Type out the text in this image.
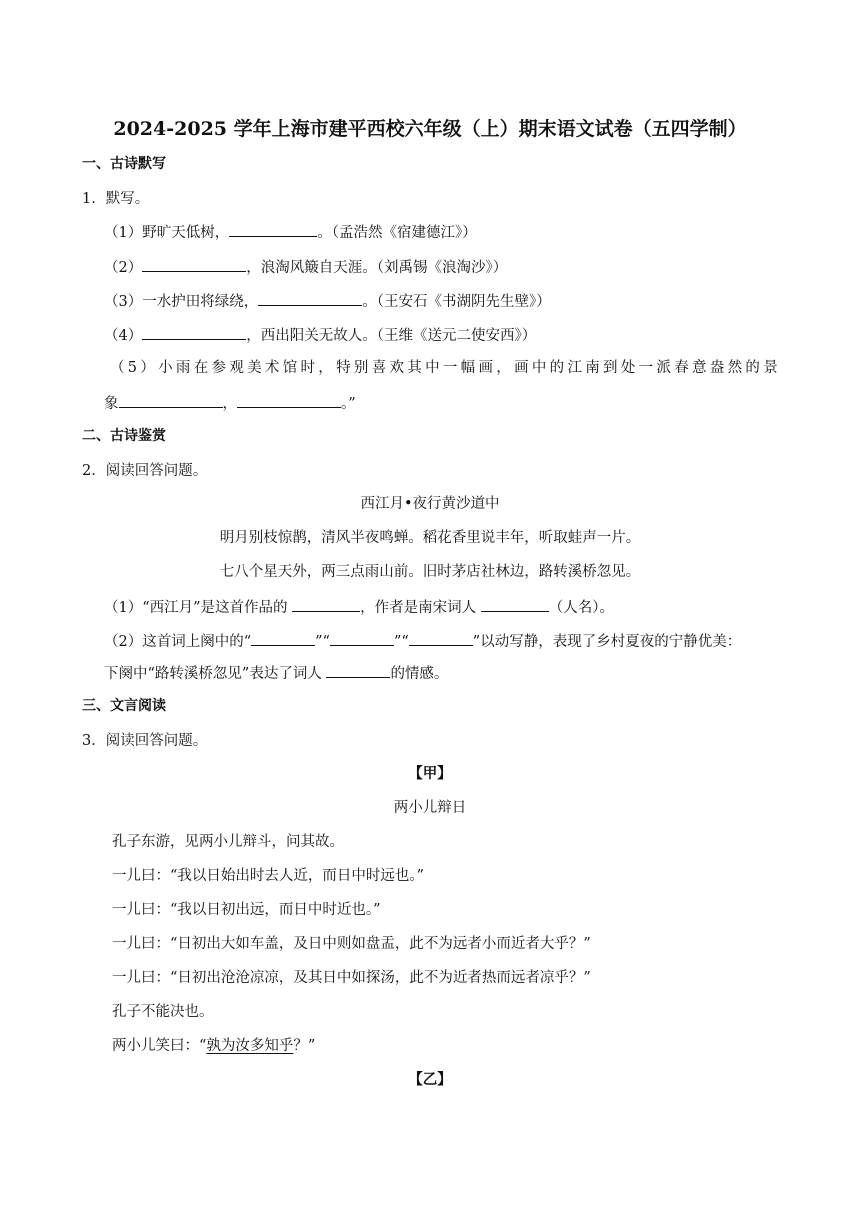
2024-2025 学年上海市建平西校六年级（上）期末语文试卷（五四学制）
一、古诗默写
1．默写。
（1）野旷天低树，	。（孟浩然《宿建德江》）
（2）	，浪淘风簸自天涯。（刘禹锡《浪淘沙》）
（3）一水护田将绿绕，	。（王安石《书湖阴先生壁》）
（4）	，西出阳关无故人。（王维《送元二使安西》）
（ 5 ） 小 雨 在 参 观 美 术 馆 时 ， 特 别 喜 欢 其 中 一 幅 画 ， 画 中 的 江 南 到 处 一 派 春 意 盎 然 的 景
象	，	。”
二、古诗鉴赏
2．阅读回答问题。
西江月•夜行黄沙道中
明月别枝惊鹊，清风半夜鸣蝉。稻花香里说丰年，听取蛙声一片。
七八个星天外，两三点雨山前。旧时茅店社林边，路转溪桥忽见。
（1）“西江月”是这首作品的	，作者是南宋词人	（人名）。
（2）这首词上阕中的“	”“	”“	”以动写静，表现了乡村夏夜的宁静优美：
下阕中“路转溪桥忽见”表达了词人	的情感。
三、文言阅读
3．阅读回答问题。
【甲】
两小儿辩日
孔子东游，见两小儿辩斗，问其故。
一儿曰：“我以日始出时去人近，而日中时远也。”
一儿曰：“我以日初出远，而日中时近也。”
一儿曰：“日初出大如车盖，及日中则如盘盂，此不为远者小而近者大乎？”
一儿曰：“日初出沧沧凉凉，及其日中如探汤，此不为近者热而远者凉乎？”
孔子不能决也。
两小儿笑曰：“孰为汝多知乎？”
【乙】
